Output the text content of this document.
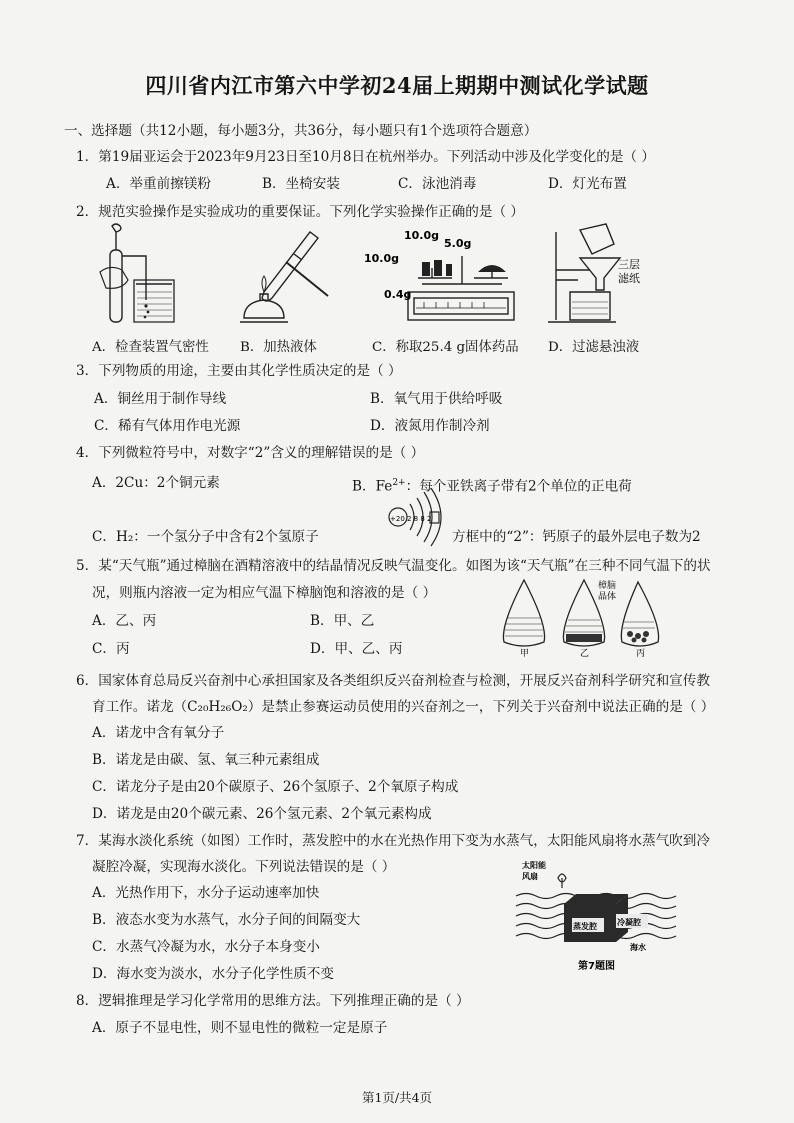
四川省内江市第六中学初24届上期期中测试化学试题
一、选择题（共12小题，每小题3分，共36分，每小题只有1个选项符合题意）
1．第19届亚运会于2023年9月23日至10月8日在杭州举办。下列活动中涉及化学变化的是（ ）
A．举重前擦镁粉	B．坐椅安装	C．泳池消毒	D．灯光布置
2．规范实验操作是实验成功的重要保证。下列化学实验操作正确的是（ ）
10.0g
5.0g
10.0g
0.4g
三层
滤纸
A．检查装置气密性 B．加热液体	C．称取25.4 g固体药品 D．过滤悬浊液
3．下列物质的用途，主要由其化学性质决定的是（ ）
A．铜丝用于制作导线	B．氧气用于供给呼吸
C．稀有气体用作电光源	D．液氮用作制冷剂
4．下列微粒符号中，对数字“2”含义的理解错误的是（ ）
A．2Cu：2个铜元素	B．$Fe^{2+}$：每个亚铁离子带有2个单位的正电荷
C．H₂：一个氢分子中含有2个氢原子
+20 2 8 8 2
方框中的“2”：钙原子的最外层电子数为2
5．某“天气瓶”通过樟脑在酒精溶液中的结晶情况反映气温变化。如图为该“天气瓶”在三种不同气温下的状
况，则瓶内溶液一定为相应气温下樟脑饱和溶液的是（ ）
A．乙、丙	B．甲、乙
C．丙	D．甲、乙、丙
樟脑
晶体
甲	乙	丙
6．国家体育总局反兴奋剂中心承担国家及各类组织反兴奋剂检查与检测，开展反兴奋剂科学研究和宣传教
育工作。诺龙（C₂₀H₂₆O₂）是禁止参赛运动员使用的兴奋剂之一，下列关于兴奋剂中说法正确的是（ ）
A．诺龙中含有氧分子
B．诺龙是由碳、氢、氧三种元素组成
C．诺龙分子是由20个碳原子、26个氢原子、2个氧原子构成
D．诺龙是由20个碳元素、26个氢元素、2个氧元素构成
7．某海水淡化系统（如图）工作时，蒸发腔中的水在光热作用下变为水蒸气，太阳能风扇将水蒸气吹到冷
凝腔冷凝，实现海水淡化。下列说法错误的是（ ）
A．光热作用下，水分子运动速率加快
B．液态水变为水蒸气，水分子间的间隔变大
C．水蒸气冷凝为水，水分子本身变小
D．海水变为淡水，水分子化学性质不变
太阳能
风扇
蒸发腔	冷凝腔
海水
第7题图
8．逻辑推理是学习化学常用的思维方法。下列推理正确的是（ ）
A．原子不显电性，则不显电性的微粒一定是原子
第1页/共4页
